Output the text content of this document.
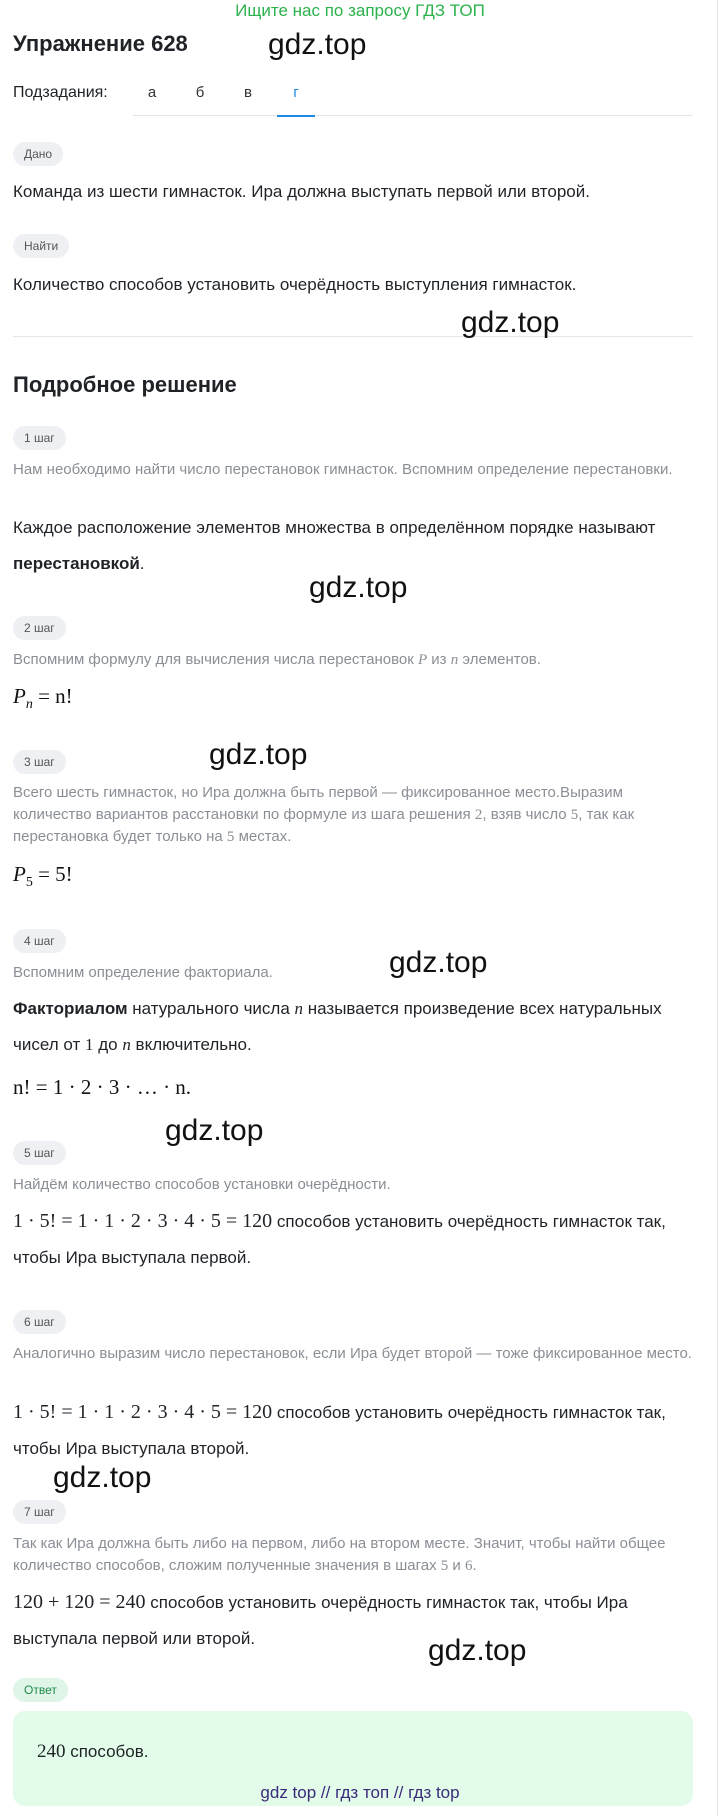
Ищите нас по запросу ГДЗ ТОП
Упражнение 628
Подзадания:	а	б	в	г
Дано
Команда из шести гимнасток. Ира должна выступать первой или второй.
Найти
Количество способов установить очерёдность выступления гимнасток.
Подробное решение
1 шаг
Нам необходимо найти число перестановок гимнасток. Вспомним определение перестановки.
Каждое расположение элементов множества в определённом порядке называют перестановкой.
2 шаг
Вспомним формулу для вычисления числа перестановок P из n элементов.
$P_n = n$!
3 шаг
Всего шесть гимнасток, но Ира должна быть первой — фиксированное место.Выразим количество вариантов расстановки по формуле из шага решения 2, взяв число 5, так как перестановка будет только на 5 местах.
$P_5 = 5$!
4 шаг
Вспомним определение факториала.
Факториалом натурального числа n называется произведение всех натуральных чисел от 1 до n включительно.
n! = 1 · 2 · 3 · … · n.
5 шаг
Найдём количество способов установки очерёдности.
1 · 5! = 1 · 1 · 2 · 3 · 4 · 5 = 120 способов установить очерёдность гимнасток так, чтобы Ира выступала первой.
6 шаг
Аналогично выразим число перестановок, если Ира будет второй — тоже фиксированное место.
1 · 5! = 1 · 1 · 2 · 3 · 4 · 5 = 120 способов установить очерёдность гимнасток так, чтобы Ира выступала второй.
7 шаг
Так как Ира должна быть либо на первом, либо на втором месте. Значит, чтобы найти общее количество способов, сложим полученные значения в шагах 5 и 6.
120 + 120 = 240 способов установить очерёдность гимнасток так, чтобы Ира выступала первой или второй.
Ответ
240 способов.
gdz.top
gdz.top
gdz.top
gdz.top
gdz.top
gdz.top
gdz.top
gdz.top
gdz top // гдз топ // гдз top
